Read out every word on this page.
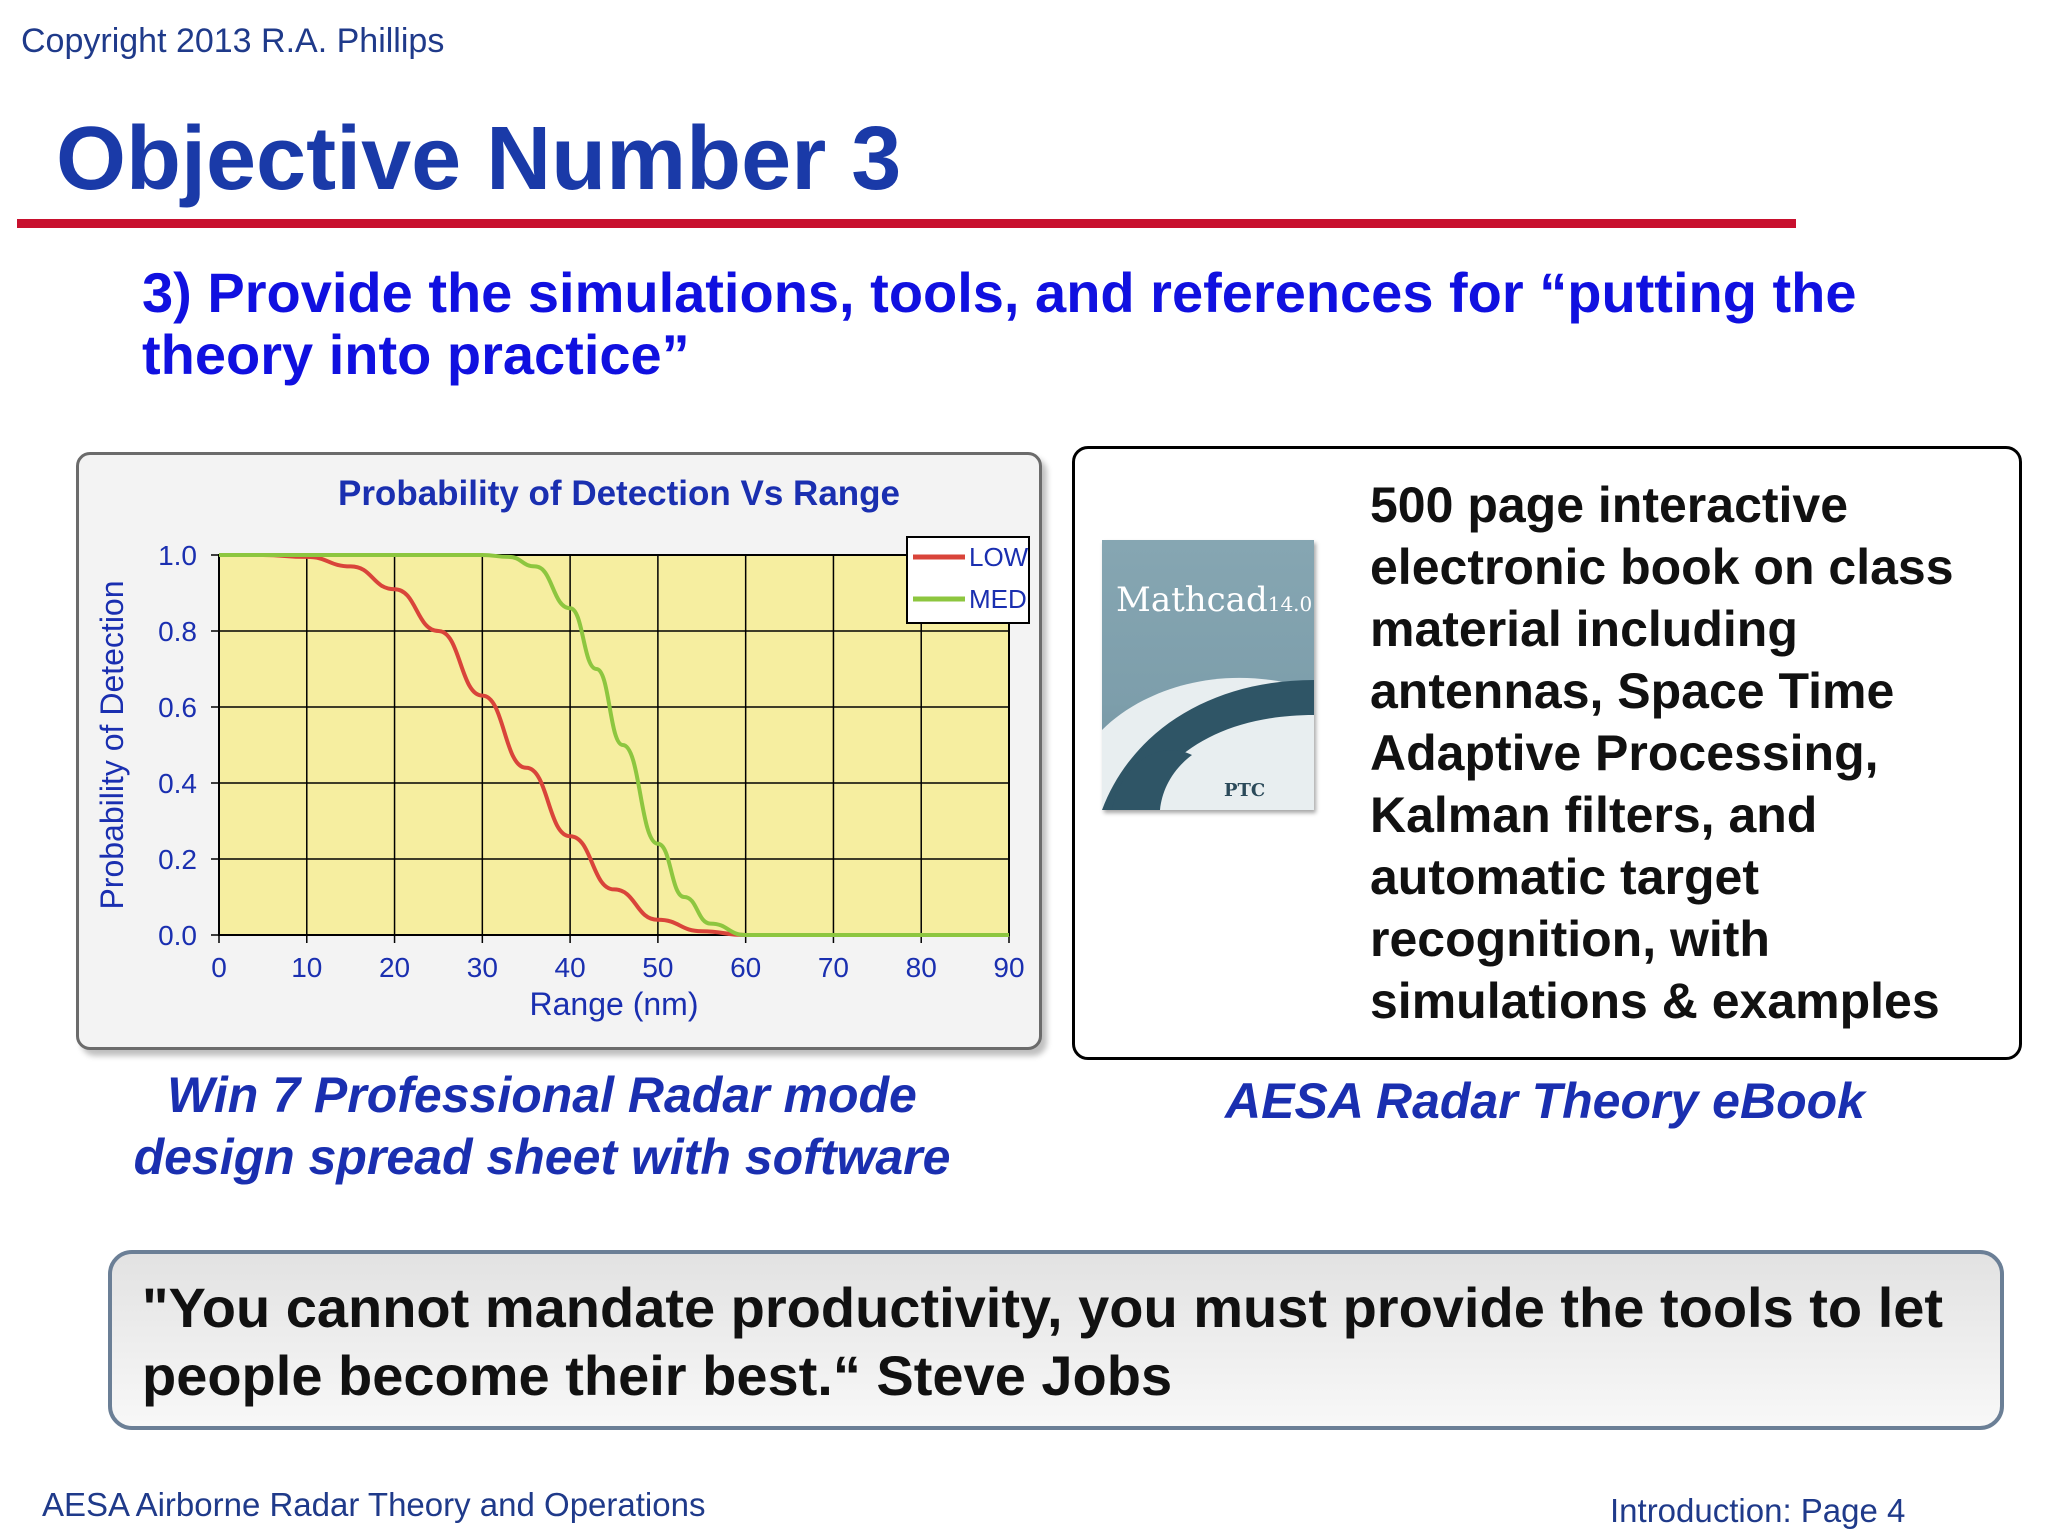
Copyright 2013 R.A. Phillips
Objective Number 3
3) Provide the simulations, tools, and references for “putting the theory into practice”
0 10 20 30 40 50 60 70 80 90
0.0
0.2
0.4
0.6
0.8
1.0	LOW
MED
Probability of Detection Vs Range
Range (nm)
Probability of Detection	Mathcad14.0
PTC
500 page interactive electronic book on class material including antennas, Space Time Adaptive Processing, Kalman filters, and automatic target recognition, with simulations & examples
Win 7 Professional Radar mode design spread sheet with software
AESA Radar Theory eBook
"You cannot mandate productivity, you must provide the tools to let people become their best.“ Steve Jobs
AESA Airborne Radar Theory and Operations	Introduction: Page 4
